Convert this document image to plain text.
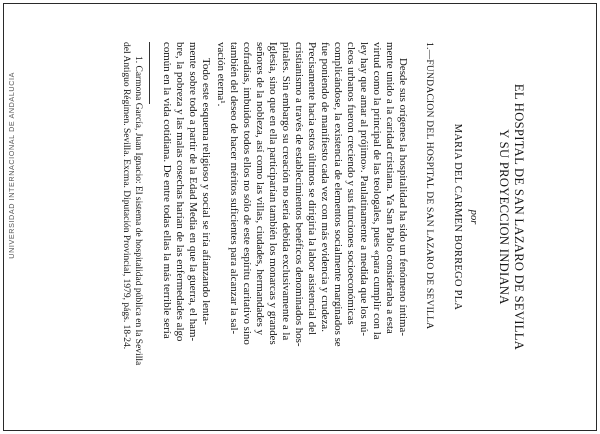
UNIVERSIDAD INTERNACIONAL DE ANDALUCIA	EL HOSPITAL DE SAN LAZARO DE SEVILLA
Y SU PROYECCION INDIANA
por
MARIA DEL CARMEN BORREGO PLA
1.—FUNDACION DEL HOSPITAL DE SAN LAZARO DE SEVILLA
Desde sus orígenes la hospitalidad ha sido un fenómeno íntima-
mente unido a la caridad cristiana. Ya San Pablo consideraba a esta
virtud como la principal de las teologales, pues «para cumplir con la
ley hay que amar al prójimo». Paulatinamente a medida que los nú-
cleos urbanos fueron creciendo y sus funciones socioeconómicas
complicándose, la existencia de elementos socialmente marginados se
fue poniendo de manifiesto cada vez con más evidencia y crudeza.
Precisamente hacia estos últimos se dirigiría la labor asistencial del
cristianismo a través de establecimientos benéficos denominados hos-
pitales. Sin embargo su creación no sería debida exclusivamente a la
Iglesia, sino que en ella participarían también los monarcas y grandes
señores de la nobleza, así como las villas, ciudades, hermandades y
cofradías, imbuidos todos ellos no sólo de este espíritu caritativo sino
también del deseo de hacer méritos suficientes para alcanzar la sal-
vación eterna¹.
Todo este esquema religioso y social se iría afianzando lenta-
mente sobre todo a partir de la Edad Media en que la guerra, el ham-
bre, la pobreza y las malas cosechas harían de las enfermedades algo
común en la vida cotidiana. De entre todas ellas la más terrible sería
1. Carmona García, Juan Ignacio: El sistema de hospitalidad pública en la Sevilla
del Antiguo Régimen. Sevilla. Excma. Diputación Provincial, 1979, págs. 18-24.
